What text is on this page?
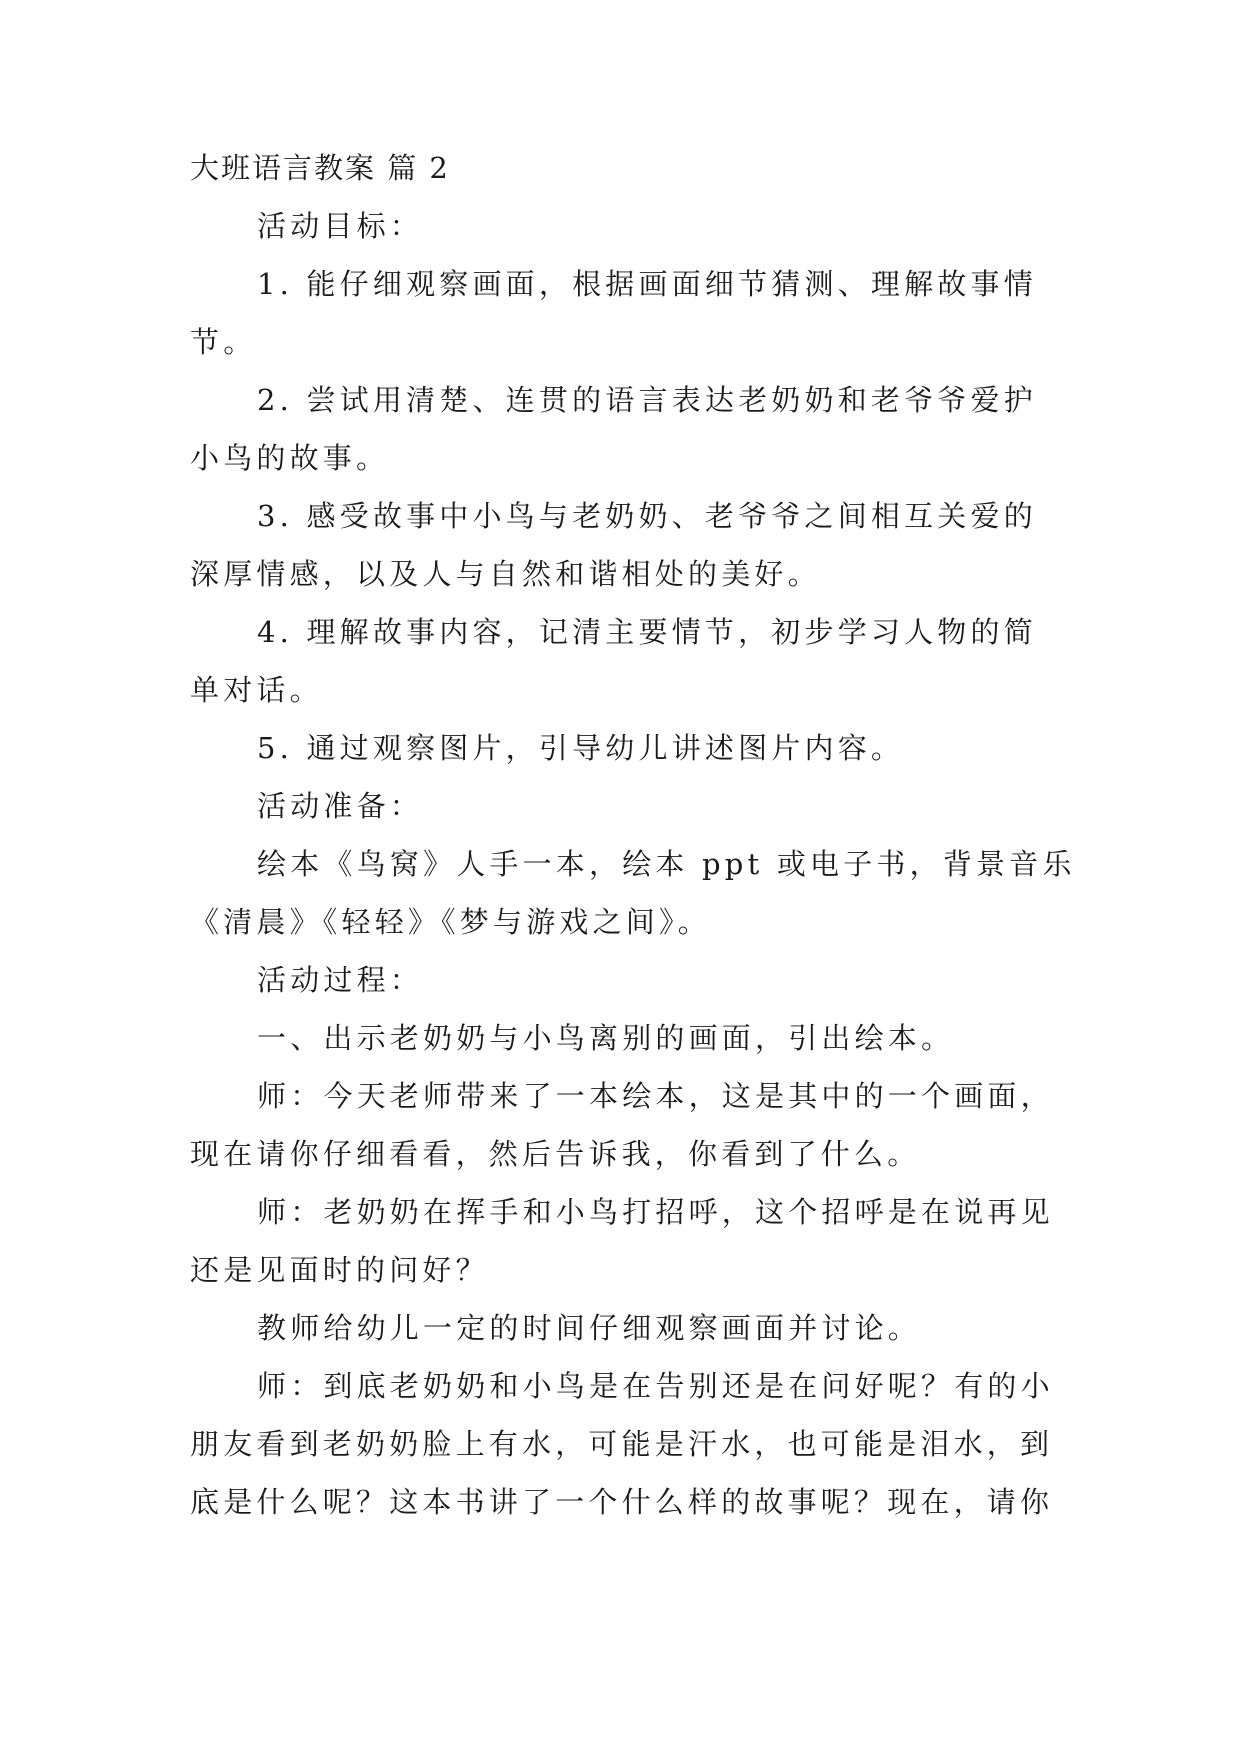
大班语言教案 篇 2
活动目标：
1. 能仔细观察画面，根据画面细节猜测、理解故事情
节。
2. 尝试用清楚、连贯的语言表达老奶奶和老爷爷爱护
小鸟的故事。
3. 感受故事中小鸟与老奶奶、老爷爷之间相互关爱的
深厚情感，以及人与自然和谐相处的美好。
4. 理解故事内容，记清主要情节，初步学习人物的简
单对话。
5. 通过观察图片，引导幼儿讲述图片内容。
活动准备：
绘本《鸟窝》人手一本，绘本 ppt 或电子书，背景音乐
《清晨》《轻轻》《梦与游戏之间》。
活动过程：
一、出示老奶奶与小鸟离别的画面，引出绘本。
师：今天老师带来了一本绘本，这是其中的一个画面，
现在请你仔细看看，然后告诉我，你看到了什么。
师：老奶奶在挥手和小鸟打招呼，这个招呼是在说再见
还是见面时的问好？
教师给幼儿一定的时间仔细观察画面并讨论。
师：到底老奶奶和小鸟是在告别还是在问好呢？有的小
朋友看到老奶奶脸上有水，可能是汗水，也可能是泪水，到
底是什么呢？这本书讲了一个什么样的故事呢？现在，请你
